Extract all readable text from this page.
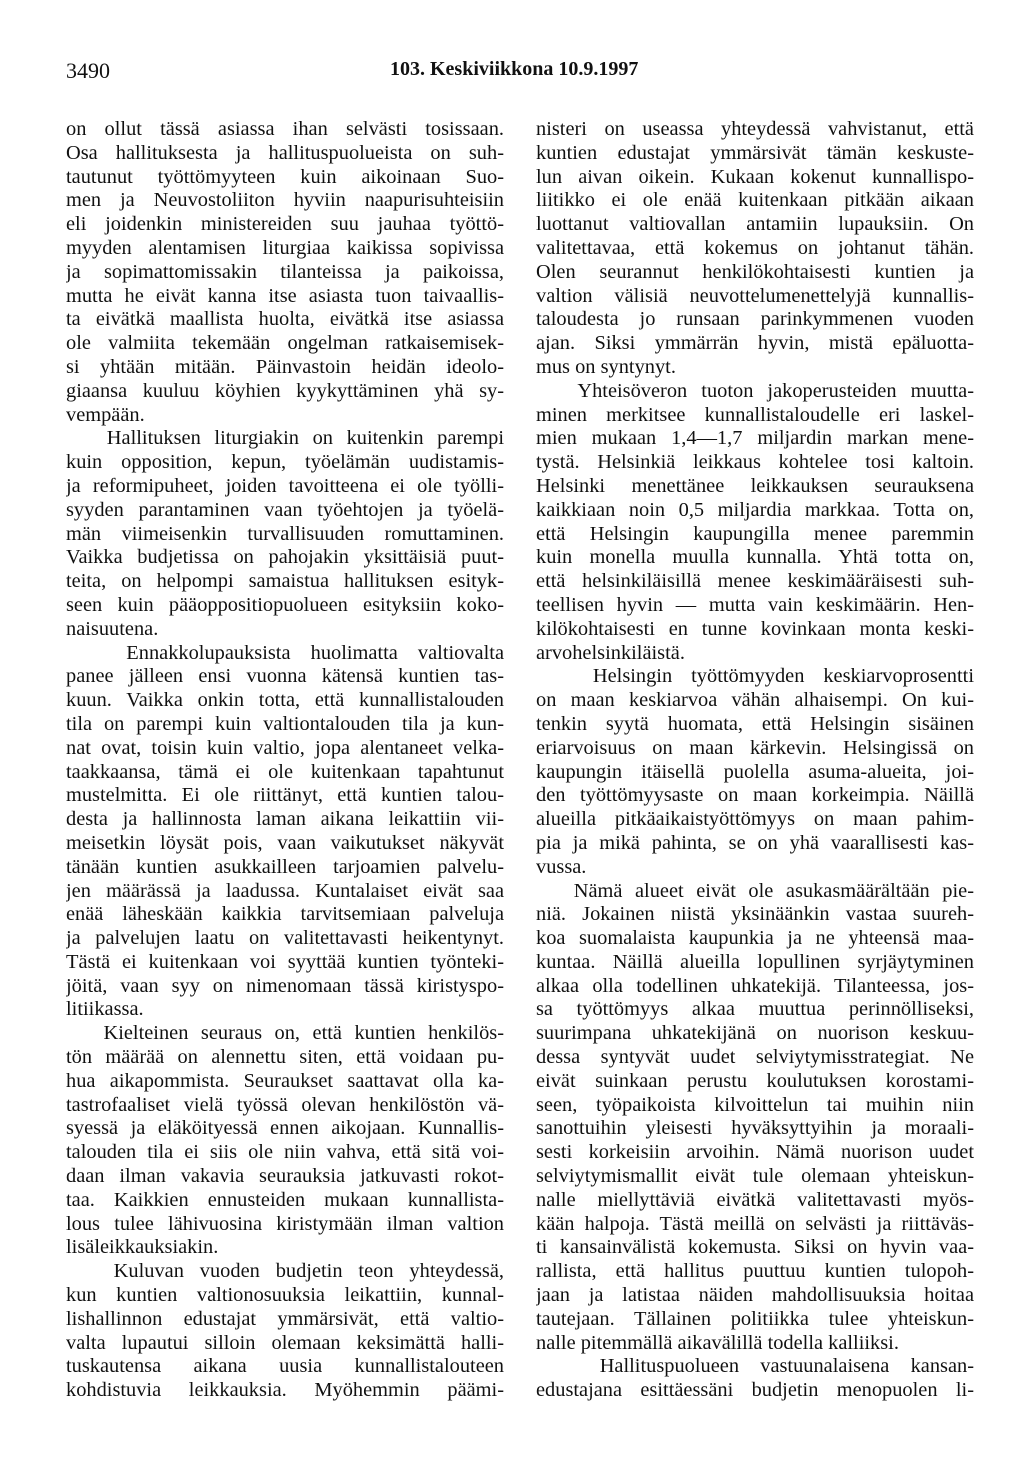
3490	103. Keskiviikkona 10.9.1997
on ollut tässä asiassa ihan selvästi tosissaan.
Osa hallituksesta ja hallituspuolueista on suh-
tautunut työttömyyteen kuin aikoinaan Suo-
men ja Neuvostoliiton hyviin naapurisuhteisiin
eli joidenkin ministereiden suu jauhaa työttö-
myyden alentamisen liturgiaa kaikissa sopivissa
ja sopimattomissakin tilanteissa ja paikoissa,
mutta he eivät kanna itse asiasta tuon taivaallis-
ta eivätkä maallista huolta, eivätkä itse asiassa
ole valmiita tekemään ongelman ratkaisemisek-
si yhtään mitään. Päinvastoin heidän ideolo-
giaansa kuuluu köyhien kyykyttäminen yhä sy-
vempään.
Hallituksen liturgiakin on kuitenkin parempi
kuin opposition, kepun, työelämän uudistamis-
ja reformipuheet, joiden tavoitteena ei ole työlli-
syyden parantaminen vaan työehtojen ja työelä-
män viimeisenkin turvallisuuden romuttaminen.
Vaikka budjetissa on pahojakin yksittäisiä puut-
teita, on helpompi samaistua hallituksen esityk-
seen kuin pääoppositiopuolueen esityksiin koko-
naisuutena.
Ennakkolupauksista huolimatta valtiovalta
panee jälleen ensi vuonna kätensä kuntien tas-
kuun. Vaikka onkin totta, että kunnallistalouden
tila on parempi kuin valtiontalouden tila ja kun-
nat ovat, toisin kuin valtio, jopa alentaneet velka-
taakkaansa, tämä ei ole kuitenkaan tapahtunut
mustelmitta. Ei ole riittänyt, että kuntien talou-
desta ja hallinnosta laman aikana leikattiin vii-
meisetkin löysät pois, vaan vaikutukset näkyvät
tänään kuntien asukkailleen tarjoamien palvelu-
jen määrässä ja laadussa. Kuntalaiset eivät saa
enää läheskään kaikkia tarvitsemiaan palveluja
ja palvelujen laatu on valitettavasti heikentynyt.
Tästä ei kuitenkaan voi syyttää kuntien työnteki-
jöitä, vaan syy on nimenomaan tässä kiristyspo-
litiikassa.
Kielteinen seuraus on, että kuntien henkilös-
tön määrää on alennettu siten, että voidaan pu-
hua aikapommista. Seuraukset saattavat olla ka-
tastrofaaliset vielä työssä olevan henkilöstön vä-
syessä ja eläköityessä ennen aikojaan. Kunnallis-
talouden tila ei siis ole niin vahva, että sitä voi-
daan ilman vakavia seurauksia jatkuvasti rokot-
taa. Kaikkien ennusteiden mukaan kunnallista-
lous tulee lähivuosina kiristymään ilman valtion
lisäleikkauksiakin.
Kuluvan vuoden budjetin teon yhteydessä,
kun kuntien valtionosuuksia leikattiin, kunnal-
lishallinnon edustajat ymmärsivät, että valtio-
valta lupautui silloin olemaan keksimättä halli-
tuskautensa aikana uusia kunnallistalouteen
kohdistuvia leikkauksia. Myöhemmin päämi-
nisteri on useassa yhteydessä vahvistanut, että
kuntien edustajat ymmärsivät tämän keskuste-
lun aivan oikein. Kukaan kokenut kunnallispo-
liitikko ei ole enää kuitenkaan pitkään aikaan
luottanut valtiovallan antamiin lupauksiin. On
valitettavaa, että kokemus on johtanut tähän.
Olen seurannut henkilökohtaisesti kuntien ja
valtion välisiä neuvottelumenettelyjä kunnallis-
taloudesta jo runsaan parinkymmenen vuoden
ajan. Siksi ymmärrän hyvin, mistä epäluotta-
mus on syntynyt.
Yhteisöveron tuoton jakoperusteiden muutta-
minen merkitsee kunnallistaloudelle eri laskel-
mien mukaan 1,4—1,7 miljardin markan mene-
tystä. Helsinkiä leikkaus kohtelee tosi kaltoin.
Helsinki menettänee leikkauksen seurauksena
kaikkiaan noin 0,5 miljardia markkaa. Totta on,
että Helsingin kaupungilla menee paremmin
kuin monella muulla kunnalla. Yhtä totta on,
että helsinkiläisillä menee keskimääräisesti suh-
teellisen hyvin — mutta vain keskimäärin. Hen-
kilökohtaisesti en tunne kovinkaan monta keski-
arvohelsinkiläistä.
Helsingin työttömyyden keskiarvoprosentti
on maan keskiarvoa vähän alhaisempi. On kui-
tenkin syytä huomata, että Helsingin sisäinen
eriarvoisuus on maan kärkevin. Helsingissä on
kaupungin itäisellä puolella asuma-alueita, joi-
den työttömyysaste on maan korkeimpia. Näillä
alueilla pitkäaikaistyöttömyys on maan pahim-
pia ja mikä pahinta, se on yhä vaarallisesti kas-
vussa.
Nämä alueet eivät ole asukasmäärältään pie-
niä. Jokainen niistä yksinäänkin vastaa suureh-
koa suomalaista kaupunkia ja ne yhteensä maa-
kuntaa. Näillä alueilla lopullinen syrjäytyminen
alkaa olla todellinen uhkatekijä. Tilanteessa, jos-
sa työttömyys alkaa muuttua perinnölliseksi,
suurimpana uhkatekijänä on nuorison keskuu-
dessa syntyvät uudet selviytymisstrategiat. Ne
eivät suinkaan perustu koulutuksen korostami-
seen, työpaikoista kilvoittelun tai muihin niin
sanottuihin yleisesti hyväksyttyihin ja moraali-
sesti korkeisiin arvoihin. Nämä nuorison uudet
selviytymismallit eivät tule olemaan yhteiskun-
nalle miellyttäviä eivätkä valitettavasti myös-
kään halpoja. Tästä meillä on selvästi ja riittäväs-
ti kansainvälistä kokemusta. Siksi on hyvin vaa-
rallista, että hallitus puuttuu kuntien tulopoh-
jaan ja latistaa näiden mahdollisuuksia hoitaa
tautejaan. Tällainen politiikka tulee yhteiskun-
nalle pitemmällä aikavälillä todella kalliiksi.
Hallituspuolueen vastuunalaisena kansan-
edustajana esittäessäni budjetin menopuolen li-
